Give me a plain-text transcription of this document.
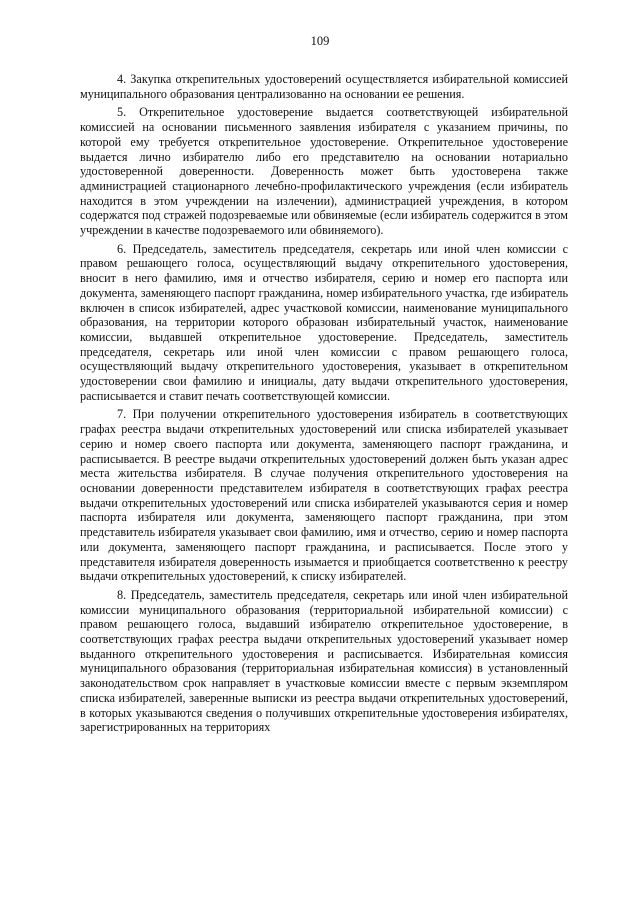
109

4. Закупка открепительных удостоверений осуществляется избирательной комиссией муниципального образования централизованно на основании ее решения.

5. Открепительное удостоверение выдается соответствующей избирательной комиссией на основании письменного заявления избирателя с указанием причины, по которой ему требуется открепительное удостоверение. Открепительное удостоверение выдается лично избирателю либо его представителю на основании нотариально удостоверенной доверенности. Доверенность может быть удостоверена также администрацией стационарного лечебно-профилактического учреждения (если избиратель находится в этом учреждении на излечении), администрацией учреждения, в котором содержатся под стражей подозреваемые или обвиняемые (если избиратель содержится в этом учреждении в качестве подозреваемого или обвиняемого).

6. Председатель, заместитель председателя, секретарь или иной член комиссии с правом решающего голоса, осуществляющий выдачу открепительного удостоверения, вносит в него фамилию, имя и отчество избирателя, серию и номер его паспорта или документа, заменяющего паспорт гражданина, номер избирательного участка, где избиратель включен в список избирателей, адрес участковой комиссии, наименование муниципального образования, на территории которого образован избирательный участок, наименование комиссии, выдавшей открепительное удостоверение. Председатель, заместитель председателя, секретарь или иной член комиссии с правом решающего голоса, осуществляющий выдачу открепительного удостоверения, указывает в открепительном удостоверении свои фамилию и инициалы, дату выдачи открепительного удостоверения, расписывается и ставит печать соответствующей комиссии.

7. При получении открепительного удостоверения избиратель в соответствующих графах реестра выдачи открепительных удостоверений или списка избирателей указывает серию и номер своего паспорта или документа, заменяющего паспорт гражданина, и расписывается. В реестре выдачи открепительных удостоверений должен быть указан адрес места жительства избирателя. В случае получения открепительного удостоверения на основании доверенности представителем избирателя в соответствующих графах реестра выдачи открепительных удостоверений или списка избирателей указываются серия и номер паспорта избирателя или документа, заменяющего паспорт гражданина, при этом представитель избирателя указывает свои фамилию, имя и отчество, серию и номер паспорта или документа, заменяющего паспорт гражданина, и расписывается. После этого у представителя избирателя доверенность изымается и приобщается соответственно к реестру выдачи открепительных удостоверений, к списку избирателей.

8. Председатель, заместитель председателя, секретарь или иной член избирательной комиссии муниципального образования (территориальной избирательной комиссии) с правом решающего голоса, выдавший избирателю открепительное удостоверение, в соответствующих графах реестра выдачи открепительных удостоверений указывает номер выданного открепительного удостоверения и расписывается. Избирательная комиссия муниципального образования (территориальная избирательная комиссия) в установленный законодательством срок направляет в участковые комиссии вместе с первым экземпляром списка избирателей, заверенные выписки из реестра выдачи открепительных удостоверений, в которых указываются сведения о получивших открепительные удостоверения избирателях, зарегистрированных на территориях
